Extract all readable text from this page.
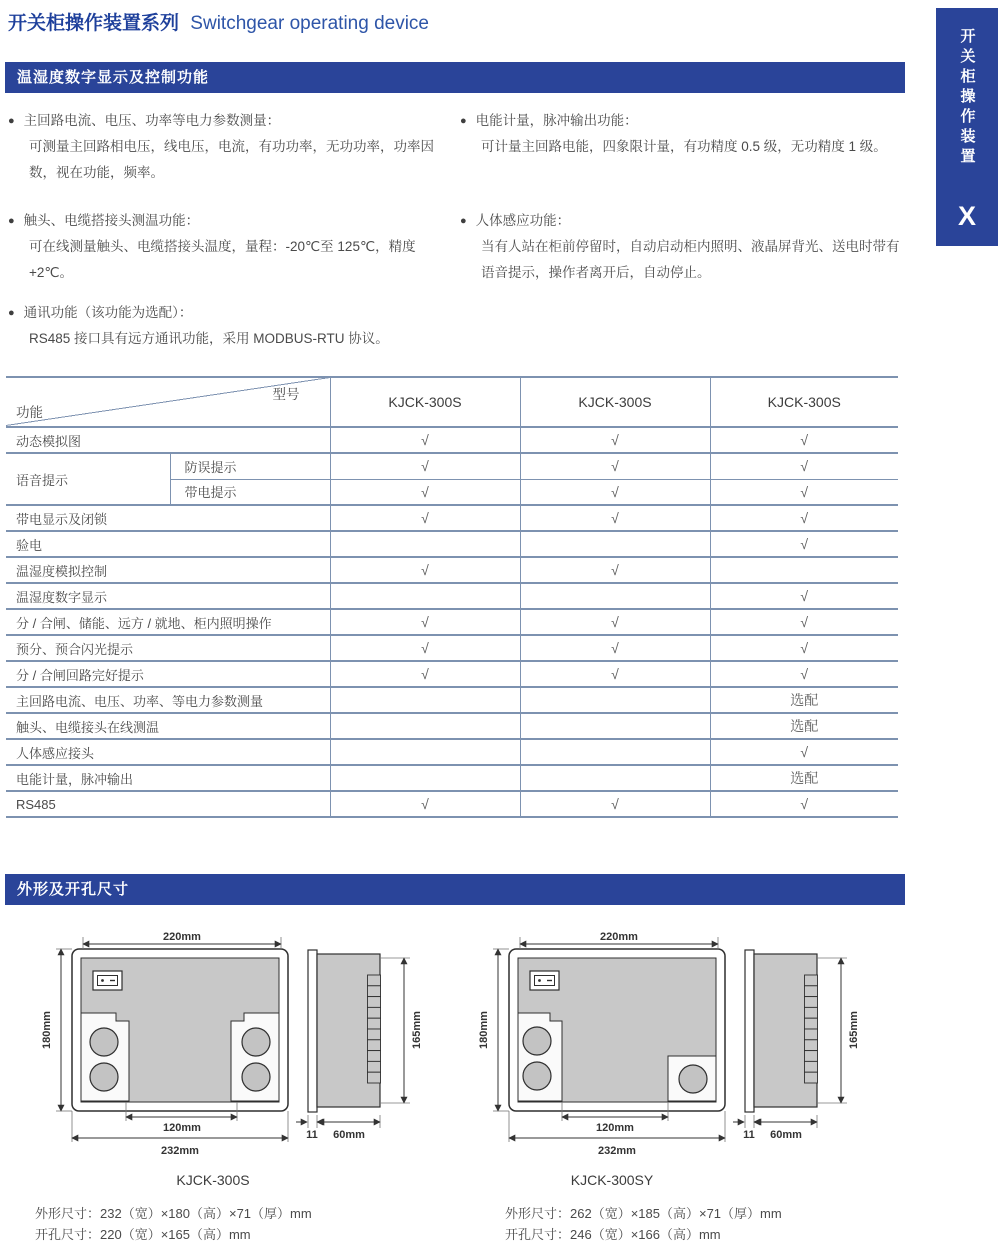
开关柜操作装置系列 Switchgear operating device
开关柜操作装置
X
温湿度数字显示及控制功能
● 主回路电流、电压、功率等电力参数测量：
可测量主回路相电压，线电压，电流，有功功率，无功功率，功率因数，视在功能，频率。
● 电能计量，脉冲输出功能：
可计量主回路电能，四象限计量，有功精度 0.5 级，无功精度 1 级。
● 触头、电缆搭接头测温功能：
可在线测量触头、电缆搭接头温度，量程：-20℃至 125℃，精度 +2℃。
● 人体感应功能：
当有人站在柜前停留时，自动启动柜内照明、液晶屏背光、送电时带有语音提示，操作者离开后，自动停止。
● 通讯功能（该功能为选配）：
RS485 接口具有远方通讯功能，采用 MODBUS-RTU 协议。
型号
功能		KJCK-300S	KJCK-300S	KJCK-300S
动态模拟图		√	√	√
语音提示	防误提示	√	√	√
	带电提示	√	√	√
带电显示及闭锁		√	√	√
验电				√
温湿度模拟控制		√	√	
温湿度数字显示				√
分 / 合闸、储能、远方 / 就地、柜内照明操作		√	√	√
预分、预合闪光提示		√	√	√
分 / 合闸回路完好提示		√	√	√
主回路电流、电压、功率、等电力参数测量				选配
触头、电缆接头在线测温				选配
人体感应接头				√
电能计量，脉冲输出				选配
RS485		√	√	√
外形及开孔尺寸
220mm
180mm
120mm
232mm
165mm
11 60mm
220mm
180mm
120mm
232mm
165mm
11 60mm
KJCK-300S	KJCK-300SY
外形尺寸：232（宽）×180（高）×71（厚）mm
开孔尺寸：220（宽）×165（高）mm
外形尺寸：262（宽）×185（高）×71（厚）mm
开孔尺寸：246（宽）×166（高）mm
